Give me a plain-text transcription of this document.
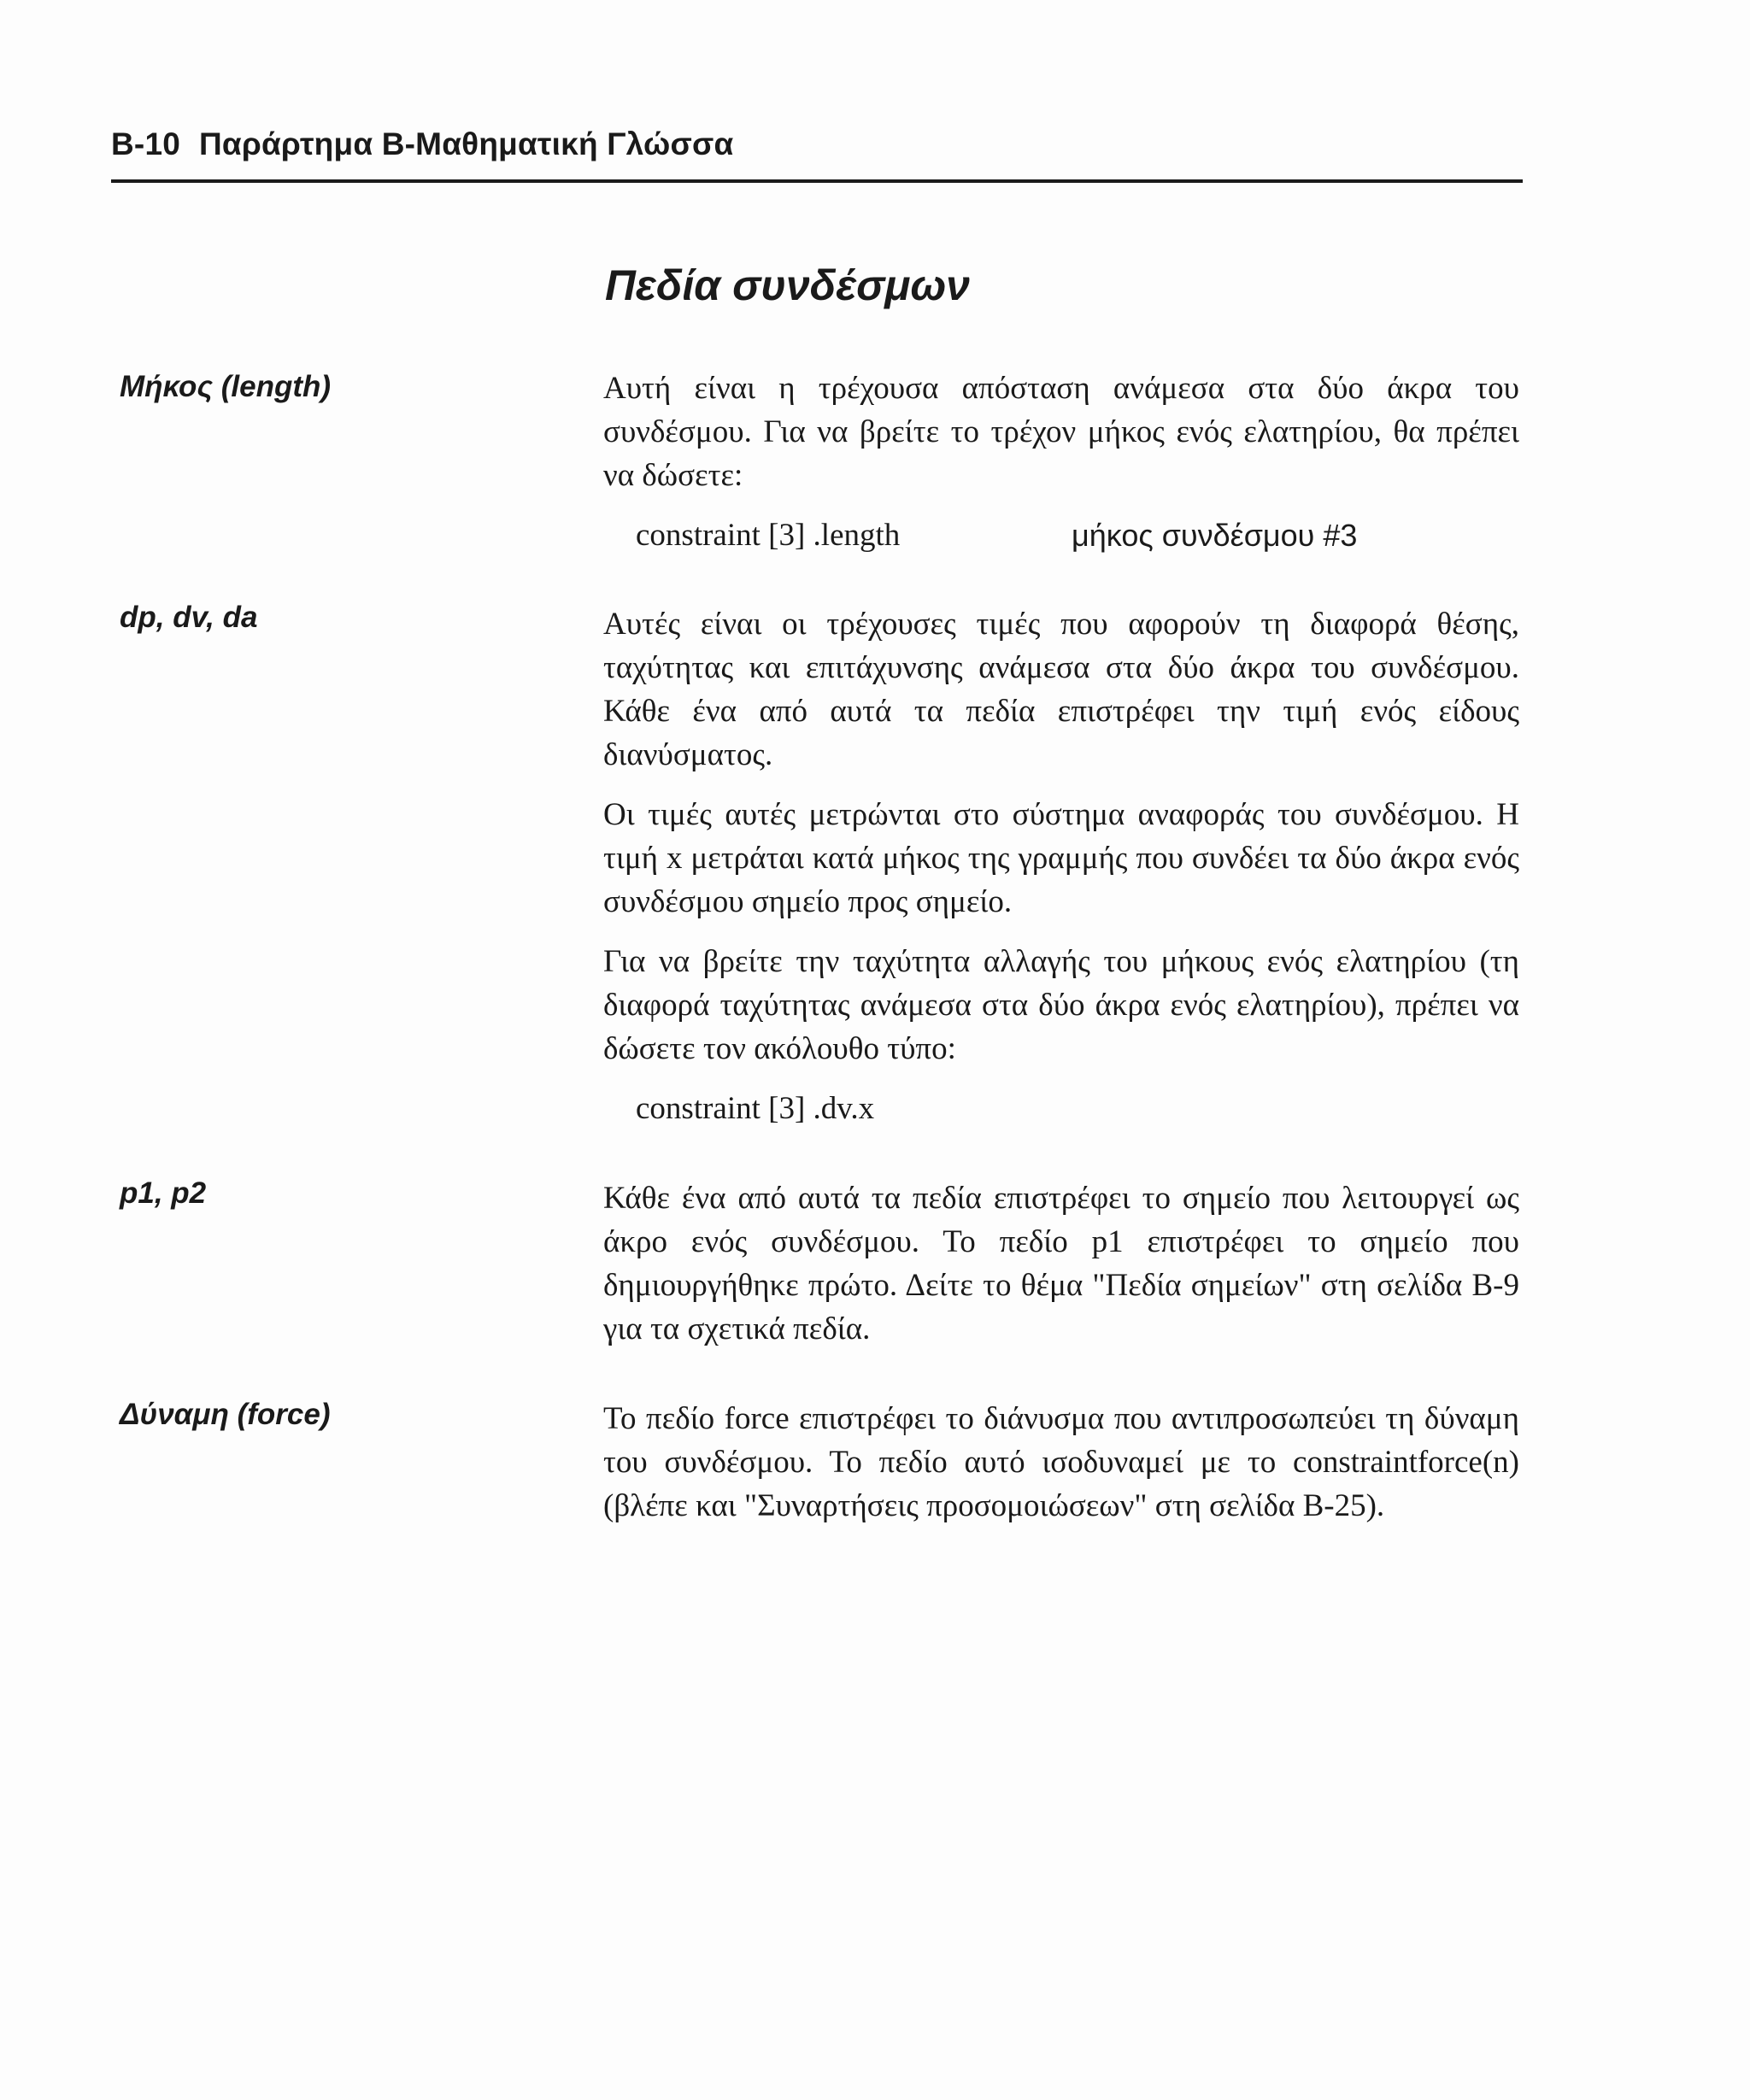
B-10 Παράρτημα B-Μαθηματική Γλώσσα
Πεδία συνδέσμων
Μήκος (length)	Αυτή είναι η τρέχουσα απόσταση ανάμεσα στα δύο άκρα του συνδέσμου. Για να βρείτε το τρέχον μήκος ενός ελατηρίου, θα πρέπει να δώσετε:

constraint [3] .length	μήκος συνδέσμου #3
dp, dv, da	Αυτές είναι οι τρέχουσες τιμές που αφορούν τη διαφορά θέσης, ταχύτητας και επιτάχυνσης ανάμεσα στα δύο άκρα του συνδέσμου. Κάθε ένα από αυτά τα πεδία επιστρέφει την τιμή ενός είδους διανύσματος.

Οι τιμές αυτές μετρώνται στο σύστημα αναφοράς του συνδέσμου. Η τιμή x μετράται κατά μήκος της γραμμής που συνδέει τα δύο άκρα ενός συνδέσμου σημείο προς σημείο.

Για να βρείτε την ταχύτητα αλλαγής του μήκους ενός ελατηρίου (τη διαφορά ταχύτητας ανάμεσα στα δύο άκρα ενός ελατηρίου), πρέπει να δώσετε τον ακόλουθο τύπο:

constraint [3] .dv.x
p1, p2	Κάθε ένα από αυτά τα πεδία επιστρέφει το σημείο που λειτουργεί ως άκρο ενός συνδέσμου. Το πεδίο p1 επιστρέφει το σημείο που δημιουργήθηκε πρώτο. Δείτε το θέμα "Πεδία σημείων" στη σελίδα B-9 για τα σχετικά πεδία.

Δύναμη (force)	Το πεδίο force επιστρέφει το διάνυσμα που αντιπροσωπεύει τη δύναμη του συνδέσμου. Το πεδίο αυτό ισοδυναμεί με το constraintforce(n) (βλέπε και "Συναρτήσεις προσομοιώσεων" στη σελίδα B-25).
